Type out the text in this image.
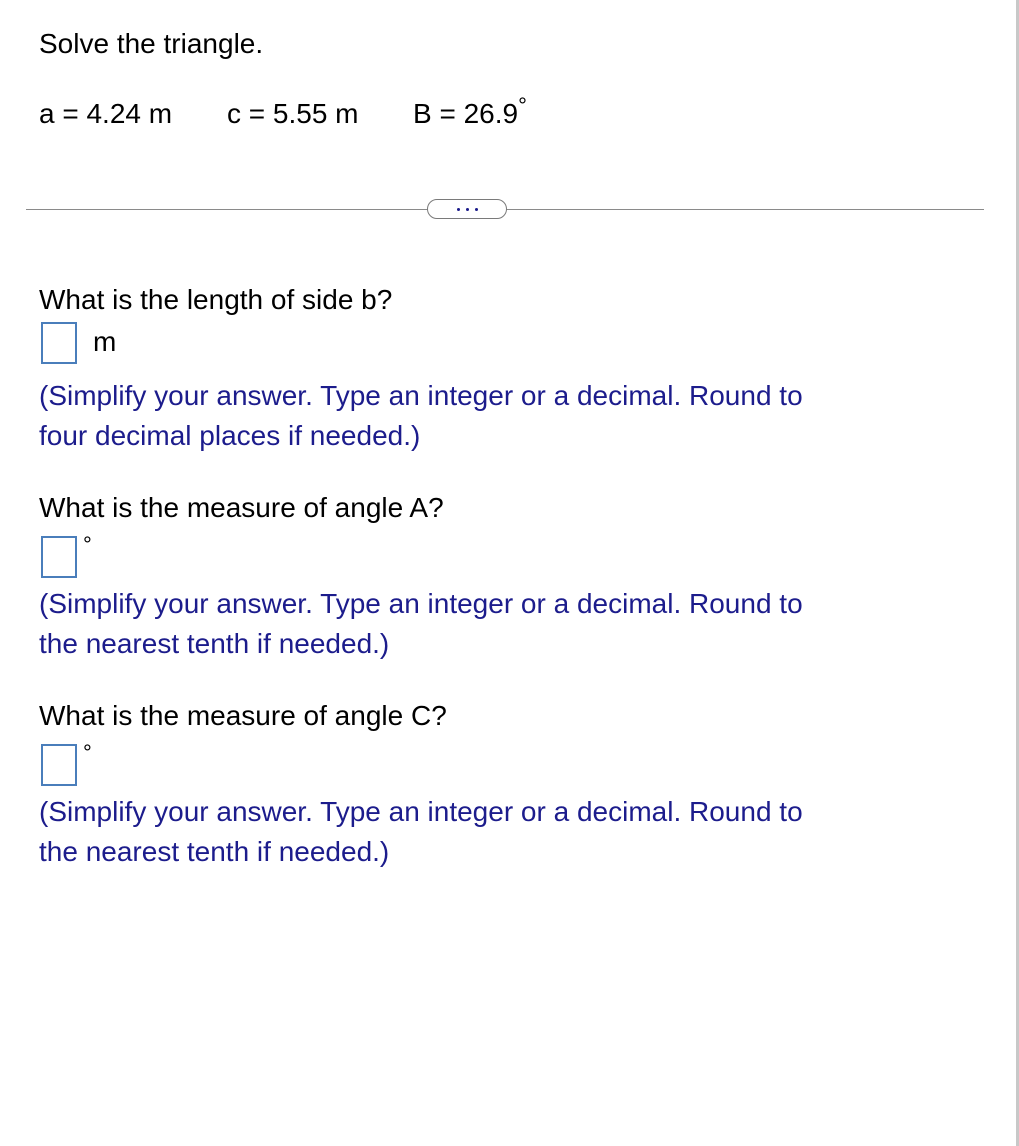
Solve the triangle.
a = 4.24 m c = 5.55 m B = 26.9°
What is the length of side b?
m
(Simplify your answer. Type an integer or a decimal. Round to
four decimal places if needed.)
What is the measure of angle A?
°
(Simplify your answer. Type an integer or a decimal. Round to
the nearest tenth if needed.)
What is the measure of angle C?
°
(Simplify your answer. Type an integer or a decimal. Round to
the nearest tenth if needed.)
